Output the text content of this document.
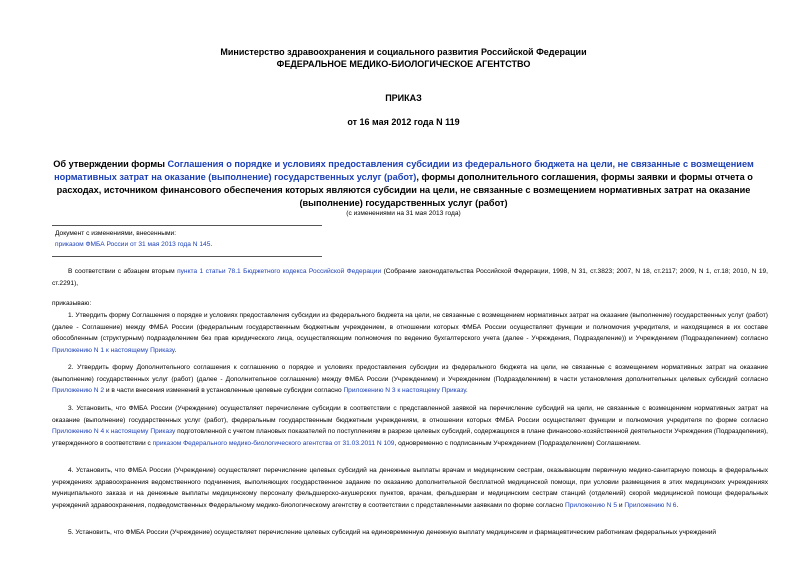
Министерство здравоохранения и социального развития Российской Федерации
ФЕДЕРАЛЬНОЕ МЕДИКО-БИОЛОГИЧЕСКОЕ АГЕНТСТВО
ПРИКАЗ
от 16 мая 2012 года N 119
Об утверждении формы Соглашения о порядке и условиях предоставления субсидии из федерального бюджета на цели, не связанные с возмещением нормативных затрат на оказание (выполнение) государственных услуг (работ), формы дополнительного соглашения, формы заявки и формы отчета о расходах, источником финансового обеспечения которых являются субсидии на цели, не связанные с возмещением нормативных затрат на оказание (выполнение) государственных услуг (работ)
(с изменениями на 31 мая 2013 года)
Документ с изменениями, внесенными:
приказом ФМБА России от 31 мая 2013 года N 145.
В соответствии с абзацем вторым пункта 1 статьи 78.1 Бюджетного кодекса Российской Федерации (Собрание законодательства Российской Федерации, 1998, N 31, ст.3823; 2007, N 18, ст.2117; 2009, N 1, ст.18; 2010, N 19, ст.2291),
приказываю:
1. Утвердить форму Соглашения о порядке и условиях предоставления субсидии из федерального бюджета на цели, не связанные с возмещением нормативных затрат на оказание (выполнение) государственных услуг (работ) (далее - Соглашение) между ФМБА России (федеральным государственным бюджетным учреждением, в отношении которых ФМБА России осуществляет функции и полномочия учредителя, и находящимся в их составе обособленным (структурным) подразделением без прав юридического лица, осуществляющим полномочия по ведению бухгалтерского учета (далее - Учреждения, Подразделение)) и Учреждением (Подразделением) согласно Приложению N 1 к настоящему Приказу.
2. Утвердить форму Дополнительного соглашения к соглашению о порядке и условиях предоставления субсидии из федерального бюджета на цели, не связанные с возмещением нормативных затрат на оказание (выполнение) государственных услуг (работ) (далее - Дополнительное соглашение) между ФМБА России (Учреждением) и Учреждением (Подразделением) в части установления дополнительных целевых субсидий согласно Приложению N 2 и в части внесения изменений в установленные целевые субсидии согласно Приложению N 3 к настоящему Приказу.
3. Установить, что ФМБА России (Учреждение) осуществляет перечисление субсидии в соответствии с представленной заявкой на перечисление субсидий на цели, не связанные с возмещением нормативных затрат на оказание (выполнение) государственных услуг (работ), федеральным государственным бюджетным учреждениям, в отношении которых ФМБА России осуществляет функции и полномочия учредителя по форме согласно Приложению N 4 к настоящему Приказу подготовленной с учетом плановых показателей по поступлениям в разрезе целевых субсидий, содержащихся в плане финансово-хозяйственной деятельности Учреждения (Подразделения), утвержденного в соответствии с приказом Федерального медико-биологического агентства от 31.03.2011 N 109, одновременно с подписанным Учреждением (Подразделением) Соглашением.
4. Установить, что ФМБА России (Учреждение) осуществляет перечисление целевых субсидий на денежные выплаты врачам и медицинским сестрам, оказывающим первичную медико-санитарную помощь в федеральных учреждениях здравоохранения ведомственного подчинения, выполняющих государственное задание по оказанию дополнительной бесплатной медицинской помощи, при условии размещения в этих медицинских учреждениях муниципального заказа и на денежные выплаты медицинскому персоналу фельдшерско-акушерских пунктов, врачам, фельдшерам и медицинским сестрам станций (отделений) скорой медицинской помощи федеральных учреждений здравоохранения, подведомственных Федеральному медико-биологическому агентству в соответствии с представленными заявками по форме согласно Приложению N 5 и Приложению N 6.
5. Установить, что ФМБА России (Учреждение) осуществляет перечисление целевых субсидий на единовременную денежную выплату медицинским и фармацевтическим работникам федеральных учреждений
